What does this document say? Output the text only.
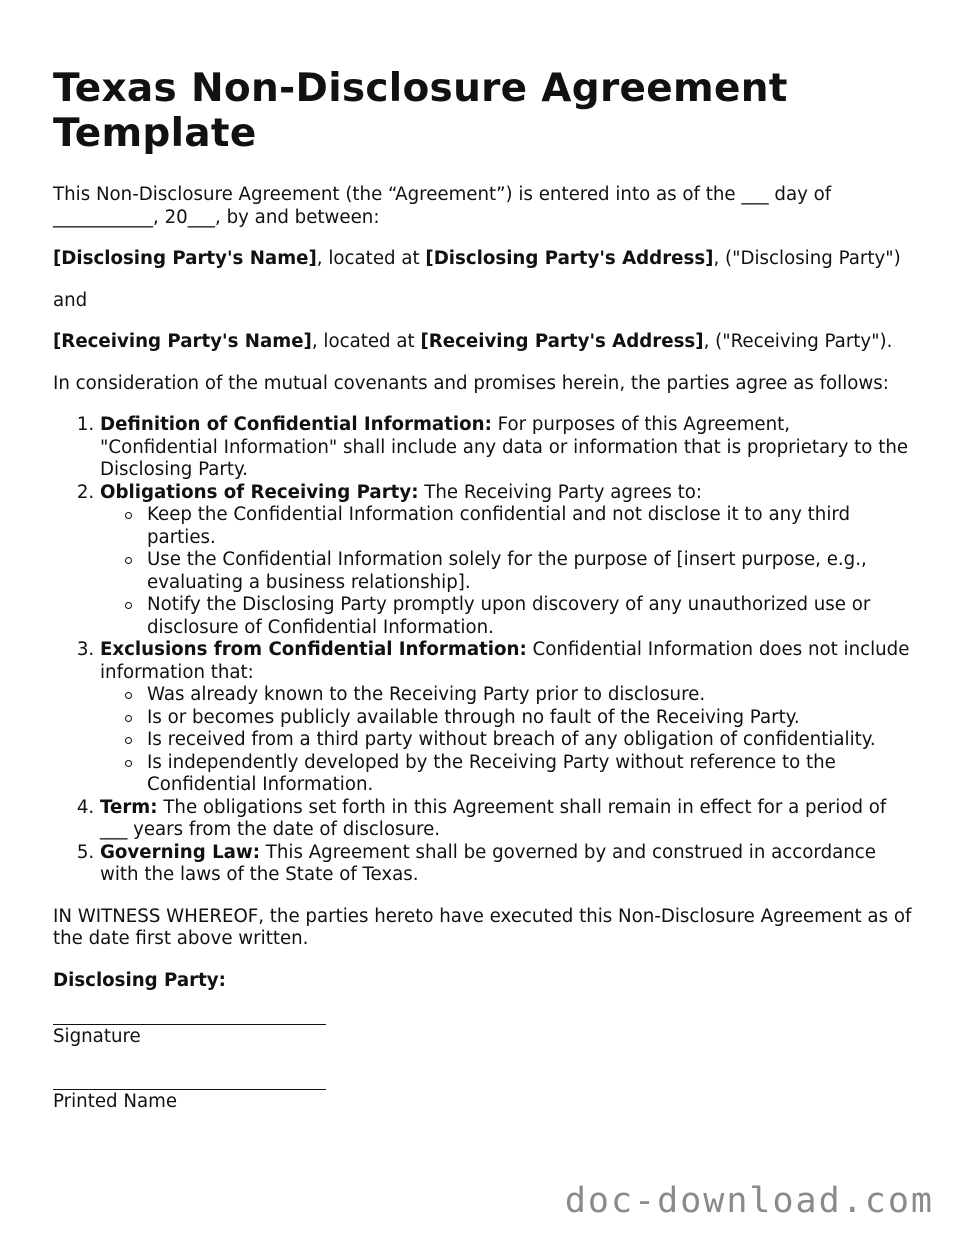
Texas Non-Disclosure Agreement Template

This Non-Disclosure Agreement (the “Agreement”) is entered into as of the ___ day of ___________, 20___, by and between:

[Disclosing Party's Name], located at [Disclosing Party's Address], ("Disclosing Party")

and

[Receiving Party's Name], located at [Receiving Party's Address], ("Receiving Party").

In consideration of the mutual covenants and promises herein, the parties agree as follows:

1. Definition of Confidential Information: For purposes of this Agreement, "Confidential Information" shall include any data or information that is proprietary to the Disclosing Party.
2. Obligations of Receiving Party: The Receiving Party agrees to:
Keep the Confidential Information confidential and not disclose it to any third parties.
Use the Confidential Information solely for the purpose of [insert purpose, e.g., evaluating a business relationship].
Notify the Disclosing Party promptly upon discovery of any unauthorized use or disclosure of Confidential Information.
3. Exclusions from Confidential Information: Confidential Information does not include information that:
Was already known to the Receiving Party prior to disclosure.
Is or becomes publicly available through no fault of the Receiving Party.
Is received from a third party without breach of any obligation of confidentiality.
Is independently developed by the Receiving Party without reference to the Confidential Information.
4. Term: The obligations set forth in this Agreement shall remain in effect for a period of ___ years from the date of disclosure.
5. Governing Law: This Agreement shall be governed by and construed in accordance with the laws of the State of Texas.

IN WITNESS WHEREOF, the parties hereto have executed this Non-Disclosure Agreement as of the date first above written.

Disclosing Party:

Signature
Printed Name
doc-download.com
